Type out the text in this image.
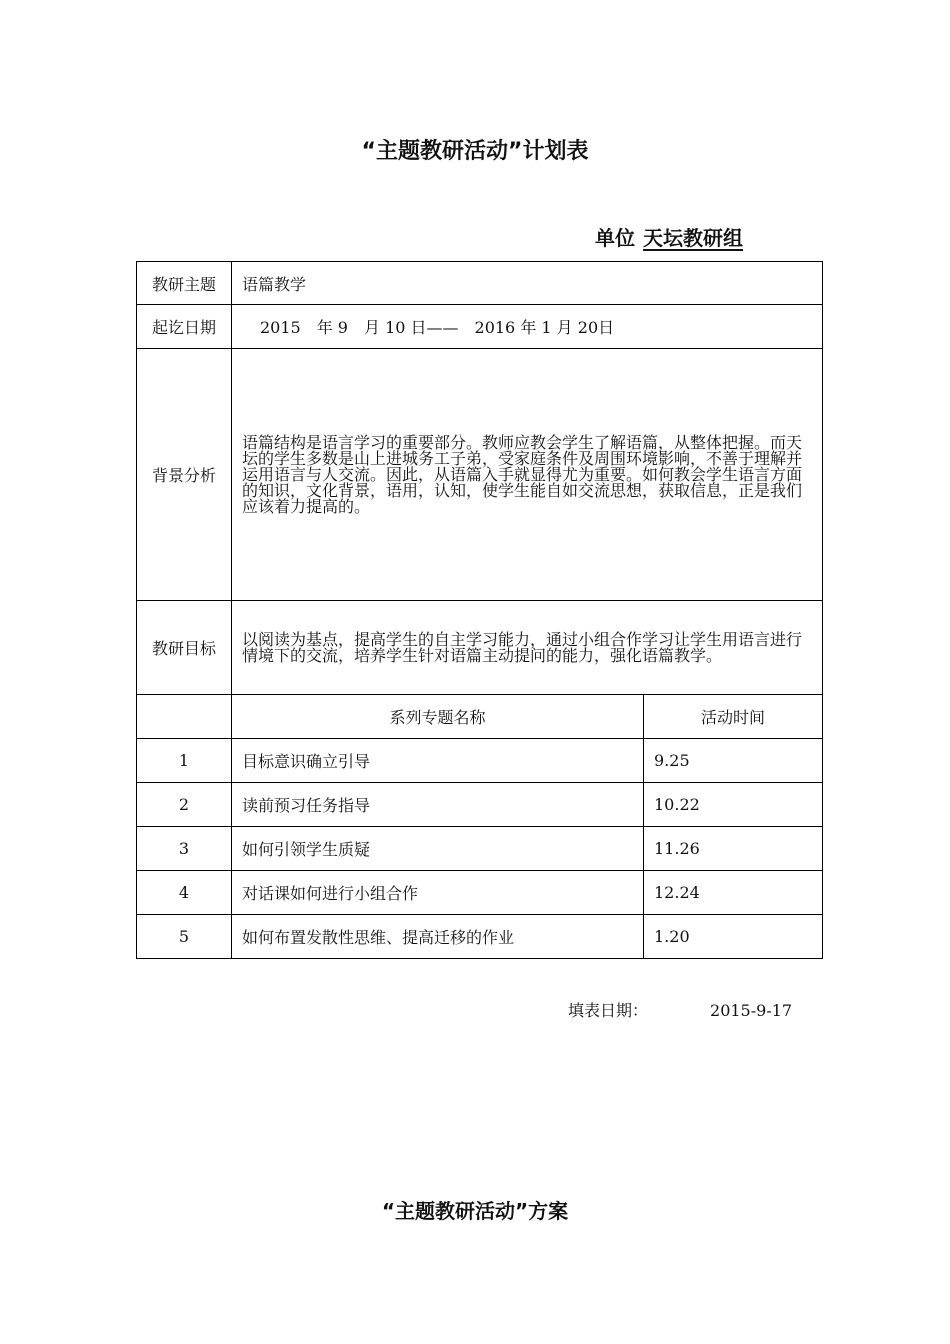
“主题教研活动”计划表
单位 天坛教研组
教研主题	语篇教学	
起讫日期	2015　年 9　月 10 日——　2016 年 1 月 20日	
背景分析	语篇结构是语言学习的重要部分。教师应教会学生了解语篇，从整体把握。而天坛的学生多数是山上进城务工子弟，受家庭条件及周围环境影响，不善于理解并运用语言与人交流。因此，从语篇入手就显得尤为重要。如何教会学生语言方面的知识，文化背景，语用，认知，使学生能自如交流思想，获取信息，正是我们应该着力提高的。	
教研目标	以阅读为基点，提高学生的自主学习能力，通过小组合作学习让学生用语言进行情境下的交流，培养学生针对语篇主动提问的能力，强化语篇教学。	
	系列专题名称	活动时间
1	目标意识确立引导	9.25
2	读前预习任务指导	10.22
3	如何引领学生质疑	11.26
4	对话课如何进行小组合作	12.24
5	如何布置发散性思维、提高迁移的作业	1.20
填表日期：	2015-9-17
“主题教研活动”方案
